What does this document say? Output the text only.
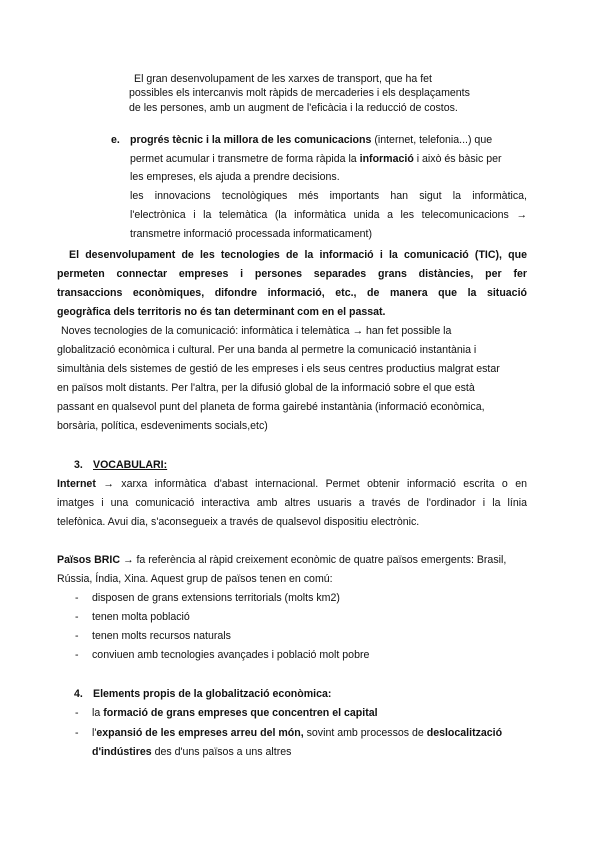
El gran desenvolupament de les xarxes de transport, que ha fet
possibles els intercanvis molt ràpids de mercaderies i els desplaçaments
de les persones, amb un augment de l'eficàcia i la reducció de costos.
e. progrés tècnic i la millora de les comunicacions (internet, telefonia...) que
permet acumular i transmetre de forma ràpida la informació i això és bàsic per
les empreses, els ajuda a prendre decisions.
les innovacions tecnològiques més importants han sigut la informàtica,
l'electrònica i la telemàtica (la informàtica unida a les telecomunicacions →
transmetre informació processada informaticament)
El desenvolupament de les tecnologies de la informació i la comunicació (TIC), que
permeten connectar empreses i persones separades grans distàncies, per fer
transaccions econòmiques, difondre informació, etc., de manera que la situació
geogràfica dels territoris no és tan determinant com en el passat.
Noves tecnologies de la comunicació: informàtica i telemàtica → han fet possible la
globalització econòmica i cultural. Per una banda al permetre la comunicació instantània i
simultània dels sistemes de gestió de les empreses i els seus centres productius malgrat estar
en països molt distants. Per l'altra, per la difusió global de la informació sobre el que està
passant en qualsevol punt del planeta de forma gairebé instantània (informació econòmica,
borsària, política, esdeveniments socials,etc)
3. VOCABULARI:
Internet → xarxa informàtica d'abast internacional. Permet obtenir informació escrita o en
imatges i una comunicació interactiva amb altres usuaris a través de l'ordinador i la línia
telefònica. Avui dia, s'aconsegueix a través de qualsevol dispositiu electrònic.
Països BRIC → fa referència al ràpid creixement econòmic de quatre països emergents: Brasil,
Rússia, Índia, Xina. Aquest grup de països tenen en comú:
- disposen de grans extensions territorials (molts km2)
- tenen molta població
- tenen molts recursos naturals
- conviuen amb tecnologies avançades i població molt pobre
4. Elements propis de la globalització econòmica:
- la formació de grans empreses que concentren el capital
- l'expansió de les empreses arreu del món, sovint amb processos de deslocalització
d'indústires des d'uns països a uns altres
